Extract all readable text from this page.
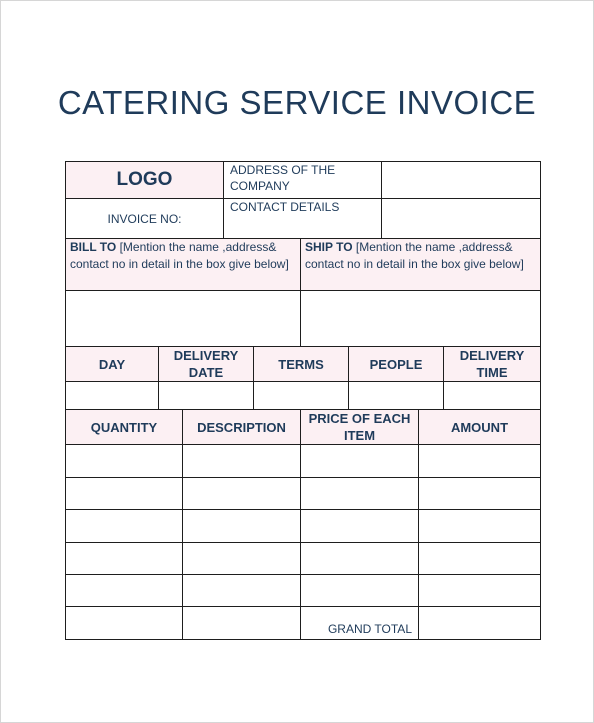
CATERING SERVICE INVOICE
LOGO	ADDRESS OF THE COMPANY	
INVOICE NO:	CONTACT DETAILS	
BILL TO [Mention the name ,address& contact no in detail in the box give below]	SHIP TO [Mention the name ,address& contact no in detail in the box give below]

DAY	DELIVERY DATE	TERMS	PEOPLE	DELIVERY TIME

QUANTITY	DESCRIPTION	PRICE OF EACH ITEM	AMOUNT

		GRAND TOTAL	
